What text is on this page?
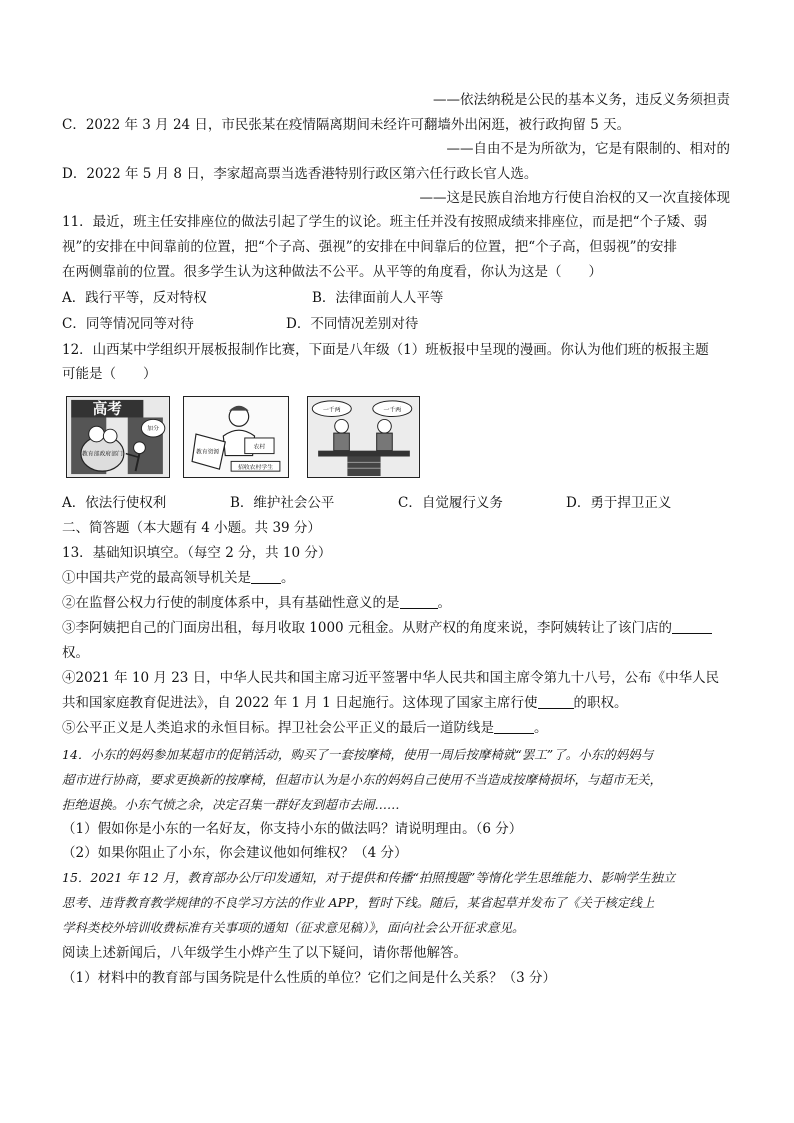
——依法纳税是公民的基本义务，违反义务须担责
C．2022 年 3 月 24 日，市民张某在疫情隔离期间未经许可翻墙外出闲逛，被行政拘留 5 天。
——自由不是为所欲为，它是有限制的、相对的
D．2022 年 5 月 8 日，李家超高票当选香港特别行政区第六任行政长官人选。
——这是民族自治地方行使自治权的又一次直接体现
11．最近，班主任安排座位的做法引起了学生的议论。班主任并没有按照成绩来排座位，而是把“个子矮、弱
视”的安排在中间靠前的位置，把“个子高、强视”的安排在中间靠后的位置，把“个子高，但弱视”的安排
在两侧靠前的位置。很多学生认为这种做法不公平。从平等的角度看，你认为这是（　　）
A．践行平等，反对特权	B．法律面前人人平等
C．同等情况同等对待	D．不同情况差别对待
12．山西某中学组织开展板报制作比赛，下面是八年级（1）班板报中呈现的漫画。你认为他们班的板报主题
可能是（　　）
高考
教育部政府部门
加分
教育资源
农村
招收农村学生
一千两	一千两
A．依法行使权利	B．维护社会公平	C．自觉履行义务	D．勇于捍卫正义
二、简答题（本大题有 4 小题。共 39 分）
13．基础知识填空。（每空 2 分，共 10 分）
①中国共产党的最高领导机关是 。
②在监督公权力行使的制度体系中，具有基础性意义的是	。
③李阿姨把自己的门面房出租，每月收取 1000 元租金。从财产权的角度来说，李阿姨转让了该门店的
权。
④2021 年 10 月 23 日，中华人民共和国主席习近平签署中华人民共和国主席令第九十八号，公布《中华人民
共和国家庭教育促进法》，自 2022 年 1 月 1 日起施行。这体现了国家主席行使	的职权。
⑤公平正义是人类追求的永恒目标。捍卫社会公平正义的最后一道防线是	。
14．小东的妈妈参加某超市的促销活动，购买了一套按摩椅，使用一周后按摩椅就“罢工”了。小东的妈妈与
超市进行协商，要求更换新的按摩椅，但超市认为是小东的妈妈自己使用不当造成按摩椅损坏，与超市无关，
拒绝退换。小东气愤之余，决定召集一群好友到超市去闹……
（1）假如你是小东的一名好友，你支持小东的做法吗？请说明理由。（6 分）
（2）如果你阻止了小东，你会建议他如何维权？（4 分）
15．2021 年 12 月，教育部办公厅印发通知，对于提供和传播“拍照搜题”等惰化学生思维能力、影响学生独立
思考、违背教育教学规律的不良学习方法的作业 APP，暂时下线。随后，某省起草并发布了《关于核定线上
学科类校外培训收费标准有关事项的通知（征求意见稿）》，面向社会公开征求意见。
阅读上述新闻后，八年级学生小烨产生了以下疑问，请你帮他解答。
（1）材料中的教育部与国务院是什么性质的单位？它们之间是什么关系？（3 分）
